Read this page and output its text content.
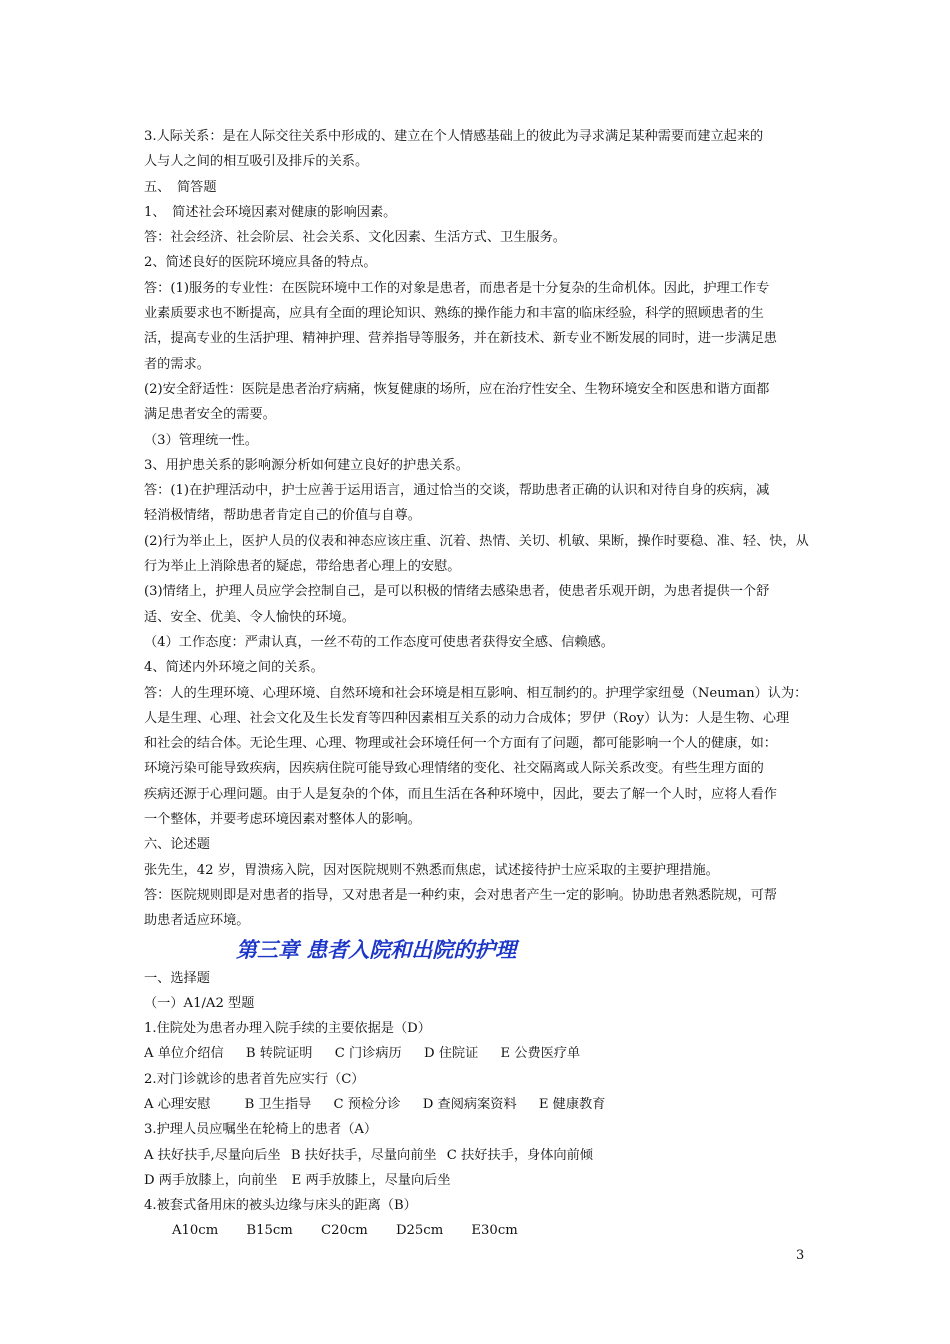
3.人际关系：是在人际交往关系中形成的、建立在个人情感基础上的彼此为寻求满足某种需要而建立起来的
人与人之间的相互吸引及排斥的关系。
五、　简答题
1、　简述社会环境因素对健康的影响因素。
答：社会经济、社会阶层、社会关系、文化因素、生活方式、卫生服务。
2、简述良好的医院环境应具备的特点。
答：(1)服务的专业性：在医院环境中工作的对象是患者，而患者是十分复杂的生命机体。因此，护理工作专
业素质要求也不断提高，应具有全面的理论知识、熟练的操作能力和丰富的临床经验，科学的照顾患者的生
活，提高专业的生活护理、精神护理、营养指导等服务，并在新技术、新专业不断发展的同时，进一步满足患
者的需求。
(2)安全舒适性：医院是患者治疗病痛，恢复健康的场所，应在治疗性安全、生物环境安全和医患和谐方面都
满足患者安全的需要。
（3）管理统一性。
3、用护患关系的影响源分析如何建立良好的护患关系。
答：(1)在护理活动中，护士应善于运用语言，通过恰当的交谈，帮助患者正确的认识和对待自身的疾病，减
轻消极情绪，帮助患者肯定自己的价值与自尊。
(2)行为举止上，医护人员的仪表和神态应该庄重、沉着、热情、关切、机敏、果断，操作时要稳、准、轻、快，从
行为举止上消除患者的疑虑，带给患者心理上的安慰。
(3)情绪上，护理人员应学会控制自己，是可以积极的情绪去感染患者，使患者乐观开朗，为患者提供一个舒
适、安全、优美、令人愉快的环境。
（4）工作态度：严肃认真，一丝不苟的工作态度可使患者获得安全感、信赖感。
4、简述内外环境之间的关系。
答：人的生理环境、心理环境、自然环境和社会环境是相互影响、相互制约的。护理学家纽曼（Neuman）认为：
人是生理、心理、社会文化及生长发育等四种因素相互关系的动力合成体；罗伊（Roy）认为：人是生物、心理
和社会的结合体。无论生理、心理、物理或社会环境任何一个方面有了问题，都可能影响一个人的健康，如：
环境污染可能导致疾病，因疾病住院可能导致心理情绪的变化、社交隔离或人际关系改变。有些生理方面的
疾病还源于心理问题。由于人是复杂的个体，而且生活在各种环境中，因此，要去了解一个人时，应将人看作
一个整体，并要考虑环境因素对整体人的影响。
六、论述题
张先生，42 岁，胃溃疡入院，因对医院规则不熟悉而焦虑，试述接待护士应采取的主要护理措施。
答：医院规则即是对患者的指导，又对患者是一种约束，会对患者产生一定的影响。协助患者熟悉院规，可帮
助患者适应环境。
第三章 患者入院和出院的护理
一、选择题
（一）A1/A2 型题
1.住院处为患者办理入院手续的主要依据是（D）
A 单位介绍信 B 转院证明 C 门诊病历 D 住院证 E 公费医疗单
2.对门诊就诊的患者首先应实行（C）
A 心理安慰	B 卫生指导 C 预检分诊 D 查阅病案资料 E 健康教育
3.护理人员应嘱坐在轮椅上的患者（A）
A 扶好扶手,尽量向后坐 B 扶好扶手，尽量向前坐 C 扶好扶手，身体向前倾
D 两手放膝上，向前坐 E 两手放膝上，尽量向后坐
4.被套式备用床的被头边缘与床头的距离（B）
A10cm B15cm C20cm D25cm E30cm
3
